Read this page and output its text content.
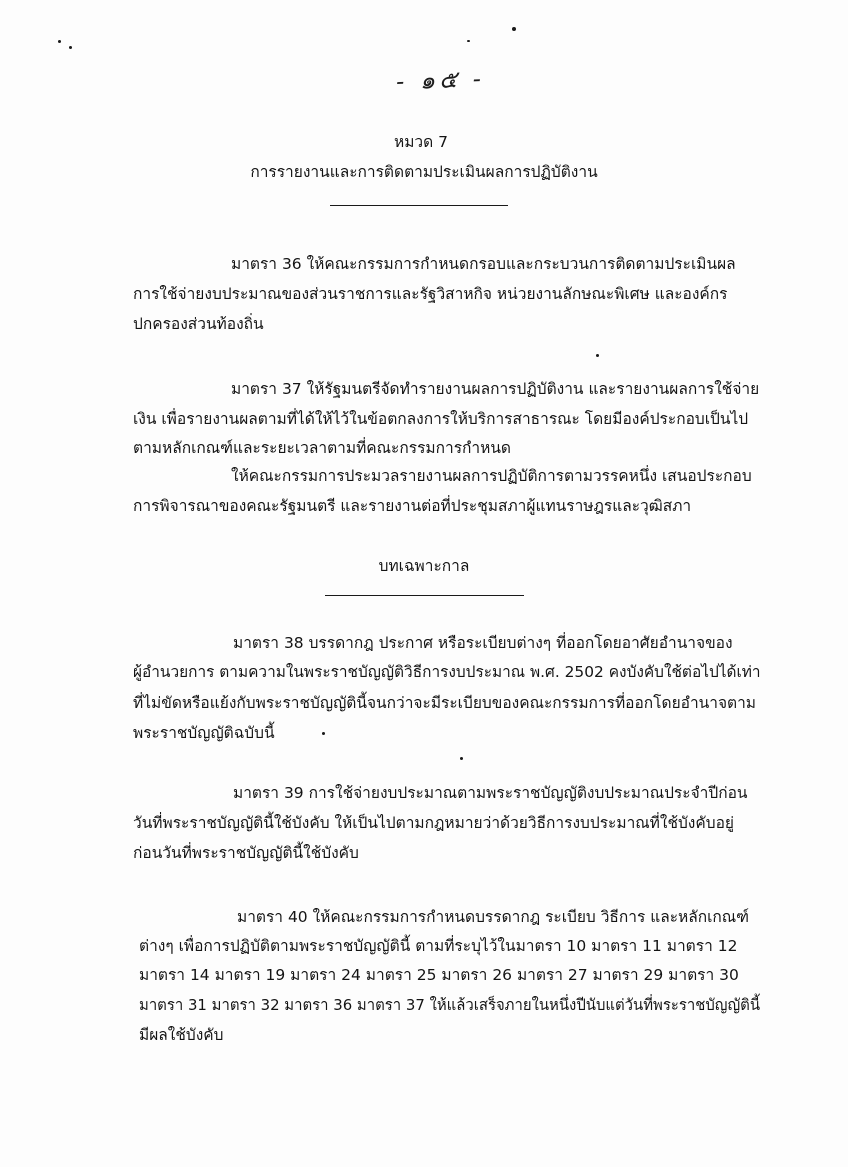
- ๑๕ -
หมวด 7
การรายงานและการติดตามประเมินผลการปฏิบัติงาน
มาตรา 36 ให้คณะกรรมการกำหนดกรอบและกระบวนการติดตามประเมินผล
การใช้จ่ายงบประมาณของส่วนราชการและรัฐวิสาหกิจ หน่วยงานลักษณะพิเศษ และองค์กร
ปกครองส่วนท้องถิ่น
มาตรา 37 ให้รัฐมนตรีจัดทำรายงานผลการปฏิบัติงาน และรายงานผลการใช้จ่าย
เงิน เพื่อรายงานผลตามที่ได้ให้ไว้ในข้อตกลงการให้บริการสาธารณะ โดยมีองค์ประกอบเป็นไป
ตามหลักเกณฑ์และระยะเวลาตามที่คณะกรรมการกำหนด
ให้คณะกรรมการประมวลรายงานผลการปฏิบัติการตามวรรคหนึ่ง เสนอประกอบ
การพิจารณาของคณะรัฐมนตรี และรายงานต่อที่ประชุมสภาผู้แทนราษฎรและวุฒิสภา
บทเฉพาะกาล
มาตรา 38 บรรดากฎ ประกาศ หรือระเบียบต่างๆ ที่ออกโดยอาศัยอำนาจของ
ผู้อำนวยการ ตามความในพระราชบัญญัติวิธีการงบประมาณ พ.ศ. 2502 คงบังคับใช้ต่อไปได้เท่า
ที่ไม่ขัดหรือแย้งกับพระราชบัญญัตินี้จนกว่าจะมีระเบียบของคณะกรรมการที่ออกโดยอำนาจตาม
พระราชบัญญัติฉบับนี้
มาตรา 39 การใช้จ่ายงบประมาณตามพระราชบัญญัติงบประมาณประจำปีก่อน
วันที่พระราชบัญญัตินี้ใช้บังคับ ให้เป็นไปตามกฎหมายว่าด้วยวิธีการงบประมาณที่ใช้บังคับอยู่
ก่อนวันที่พระราชบัญญัตินี้ใช้บังคับ
มาตรา 40 ให้คณะกรรมการกำหนดบรรดากฎ ระเบียบ วิธีการ และหลักเกณฑ์
ต่างๆ เพื่อการปฏิบัติตามพระราชบัญญัตินี้ ตามที่ระบุไว้ในมาตรา 10 มาตรา 11 มาตรา 12
มาตรา 14 มาตรา 19 มาตรา 24 มาตรา 25 มาตรา 26 มาตรา 27 มาตรา 29 มาตรา 30
มาตรา 31 มาตรา 32 มาตรา 36 มาตรา 37 ให้แล้วเสร็จภายในหนึ่งปีนับแต่วันที่พระราชบัญญัตินี้
มีผลใช้บังคับ
